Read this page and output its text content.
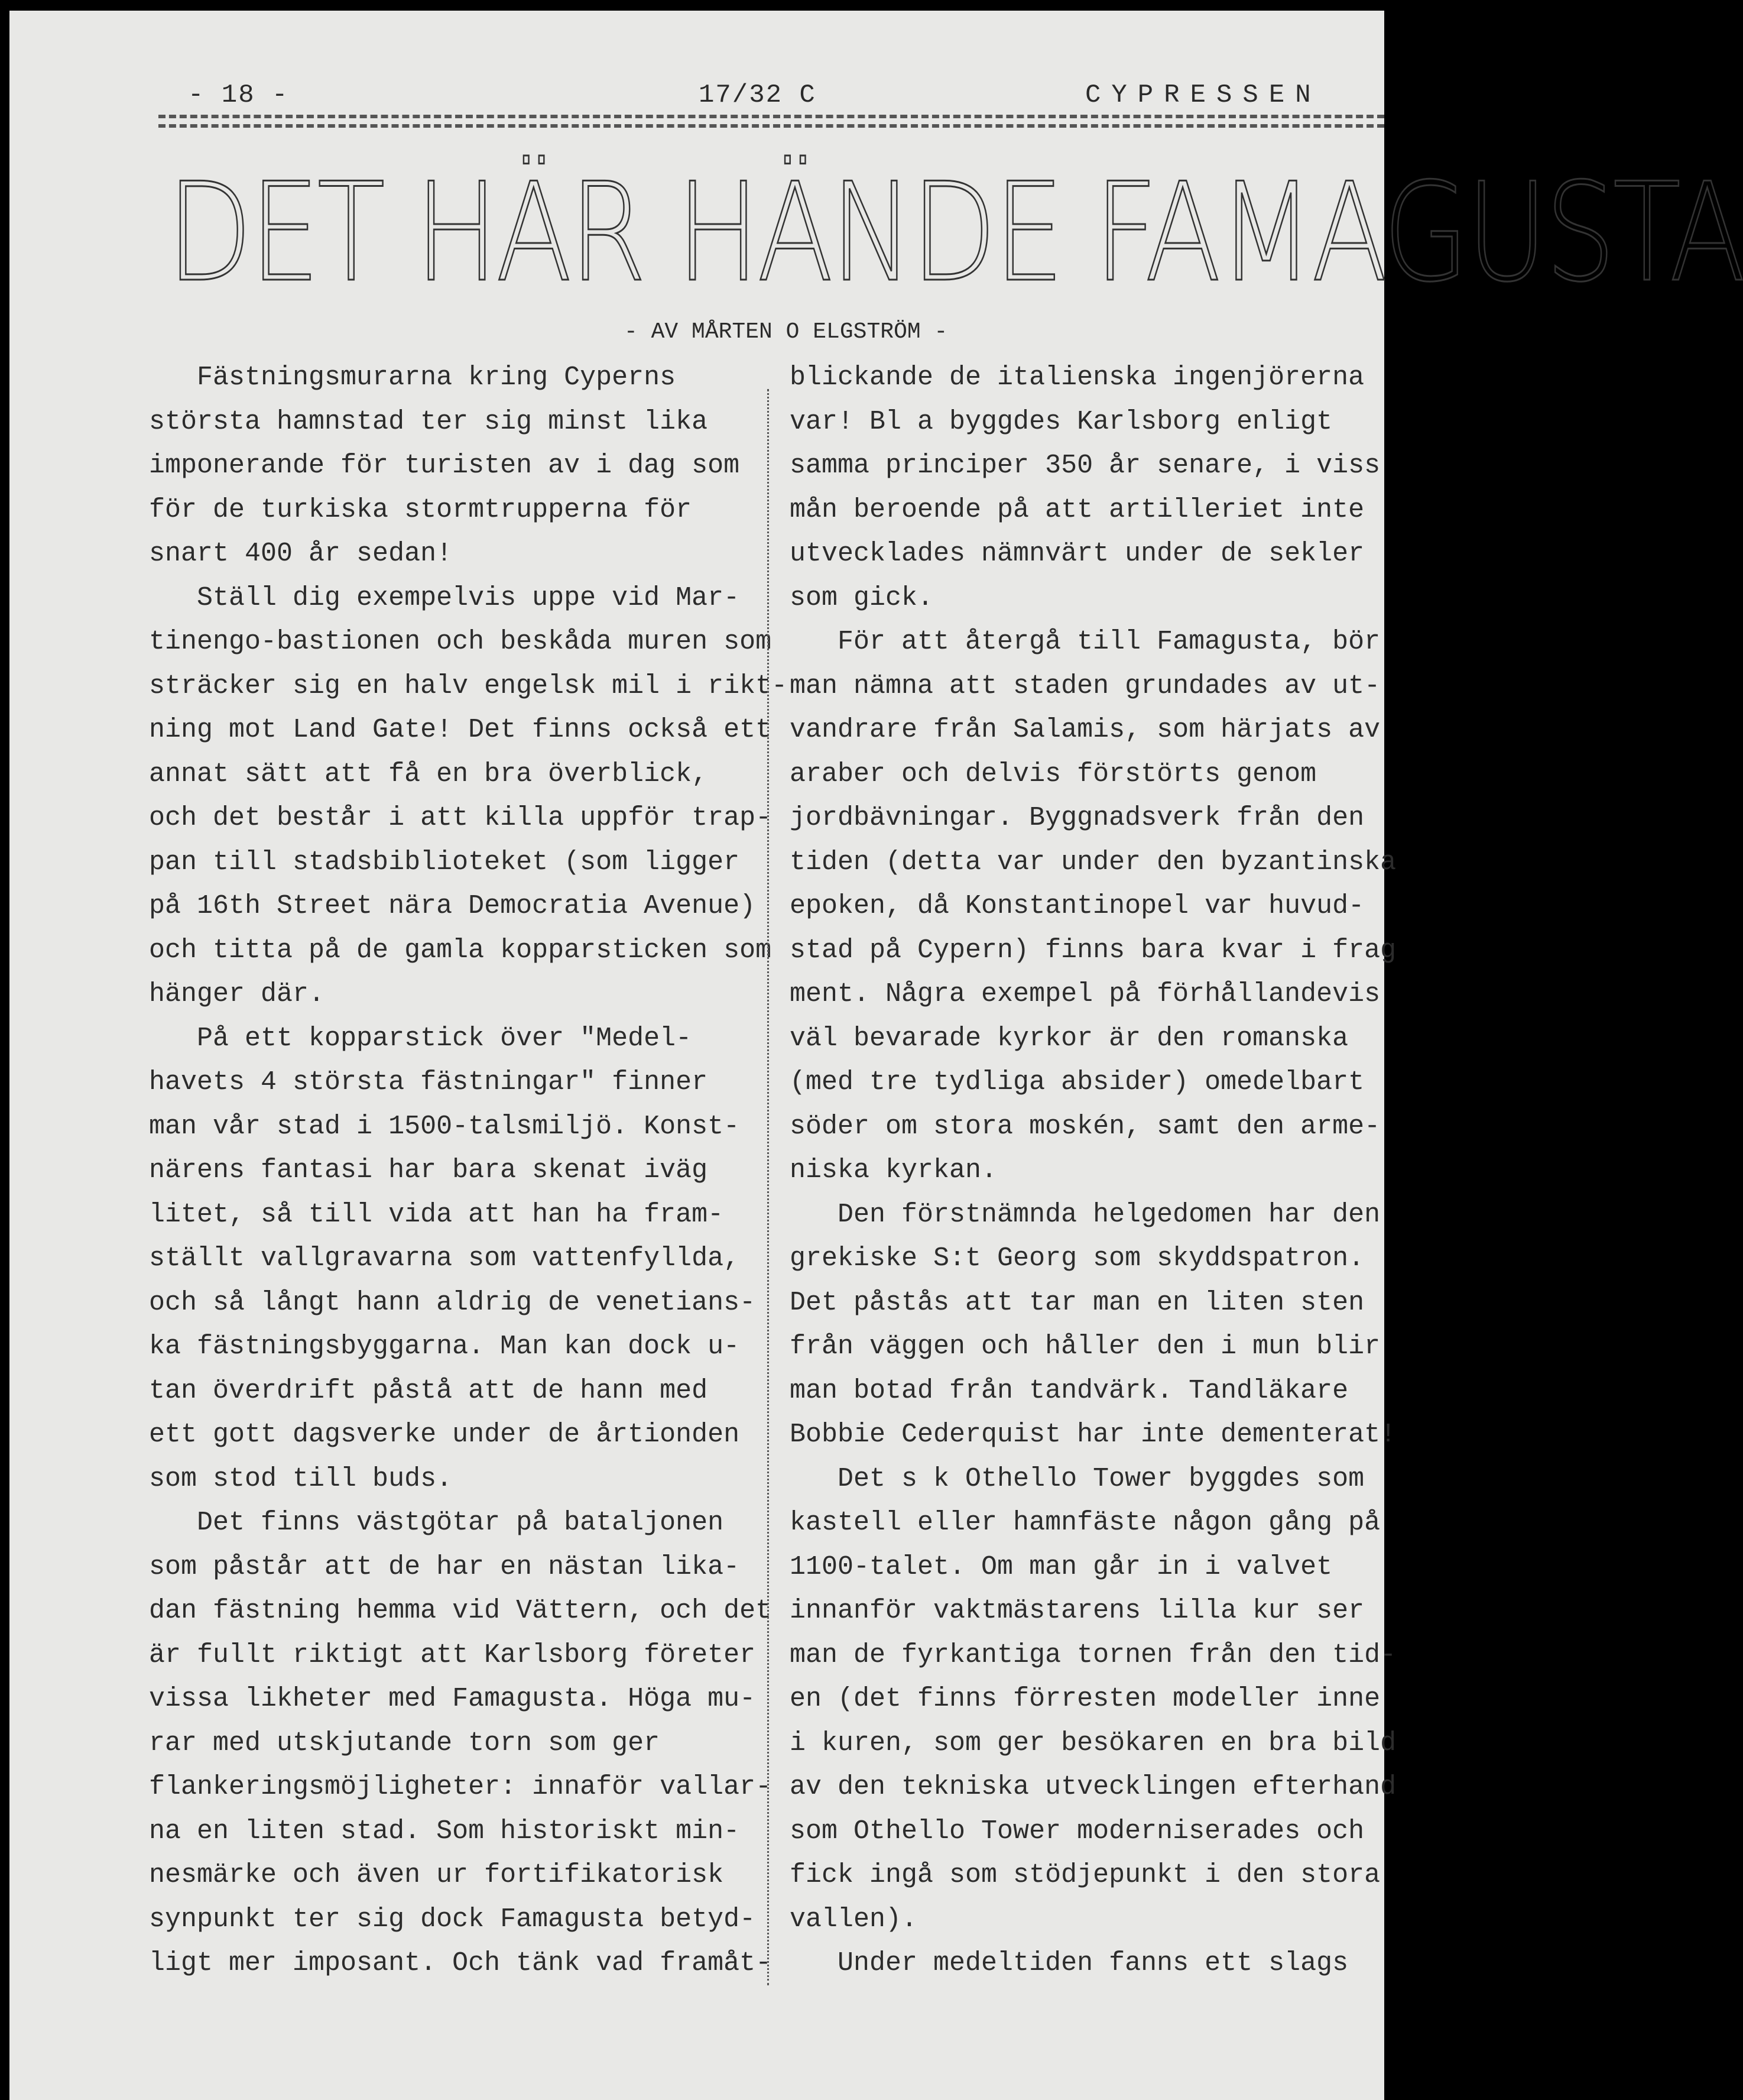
- 18 -	17/32 C	CYPRESSEN
DET HÄR HÄNDE FAMAGUSTA
- AV MÅRTEN O ELGSTRÖM -
Fästningsmurarna kring Cyperns
största hamnstad ter sig minst lika
imponerande för turisten av i dag som
för de turkiska stormtrupperna för
snart 400 år sedan!
Ställ dig exempelvis uppe vid Mar-
tinengo-bastionen och beskåda muren som
sträcker sig en halv engelsk mil i rikt-
ning mot Land Gate! Det finns också ett
annat sätt att få en bra överblick,
och det består i att killa uppför trap-
pan till stadsbiblioteket (som ligger
på 16th Street nära Democratia Avenue)
och titta på de gamla kopparsticken som
hänger där.
På ett kopparstick över "Medel-
havets 4 största fästningar" finner
man vår stad i 1500-talsmiljö. Konst-
närens fantasi har bara skenat iväg
litet, så till vida att han ha fram-
ställt vallgravarna som vattenfyllda,
och så långt hann aldrig de venetians-
ka fästningsbyggarna. Man kan dock u-
tan överdrift påstå att de hann med
ett gott dagsverke under de årtionden
som stod till buds.
Det finns västgötar på bataljonen
som påstår att de har en nästan lika-
dan fästning hemma vid Vättern, och det
är fullt riktigt att Karlsborg företer
vissa likheter med Famagusta. Höga mu-
rar med utskjutande torn som ger
flankeringsmöjligheter: innaför vallar-
na en liten stad. Som historiskt min-
nesmärke och även ur fortifikatorisk
synpunkt ter sig dock Famagusta betyd-
ligt mer imposant. Och tänk vad framåt-
blickande de italienska ingenjörerna
var! Bl a byggdes Karlsborg enligt
samma principer 350 år senare, i viss
mån beroende på att artilleriet inte
utvecklades nämnvärt under de sekler
som gick.
För att återgå till Famagusta, bör
man nämna att staden grundades av ut-
vandrare från Salamis, som härjats av
araber och delvis förstörts genom
jordbävningar. Byggnadsverk från den
tiden (detta var under den byzantinska
epoken, då Konstantinopel var huvud-
stad på Cypern) finns bara kvar i frag
ment. Några exempel på förhållandevis
väl bevarade kyrkor är den romanska
(med tre tydliga absider) omedelbart
söder om stora moskén, samt den arme-
niska kyrkan.
Den förstnämnda helgedomen har den
grekiske S:t Georg som skyddspatron.
Det påstås att tar man en liten sten
från väggen och håller den i mun blir
man botad från tandvärk. Tandläkare
Bobbie Cederquist har inte dementerat!
Det s k Othello Tower byggdes som
kastell eller hamnfäste någon gång på
1100-talet. Om man går in i valvet
innanför vaktmästarens lilla kur ser
man de fyrkantiga tornen från den tid-
en (det finns förresten modeller inne
i kuren, som ger besökaren en bra bild
av den tekniska utvecklingen efterhand
som Othello Tower moderniserades och
fick ingå som stödjepunkt i den stora
vallen).
Under medeltiden fanns ett slags
